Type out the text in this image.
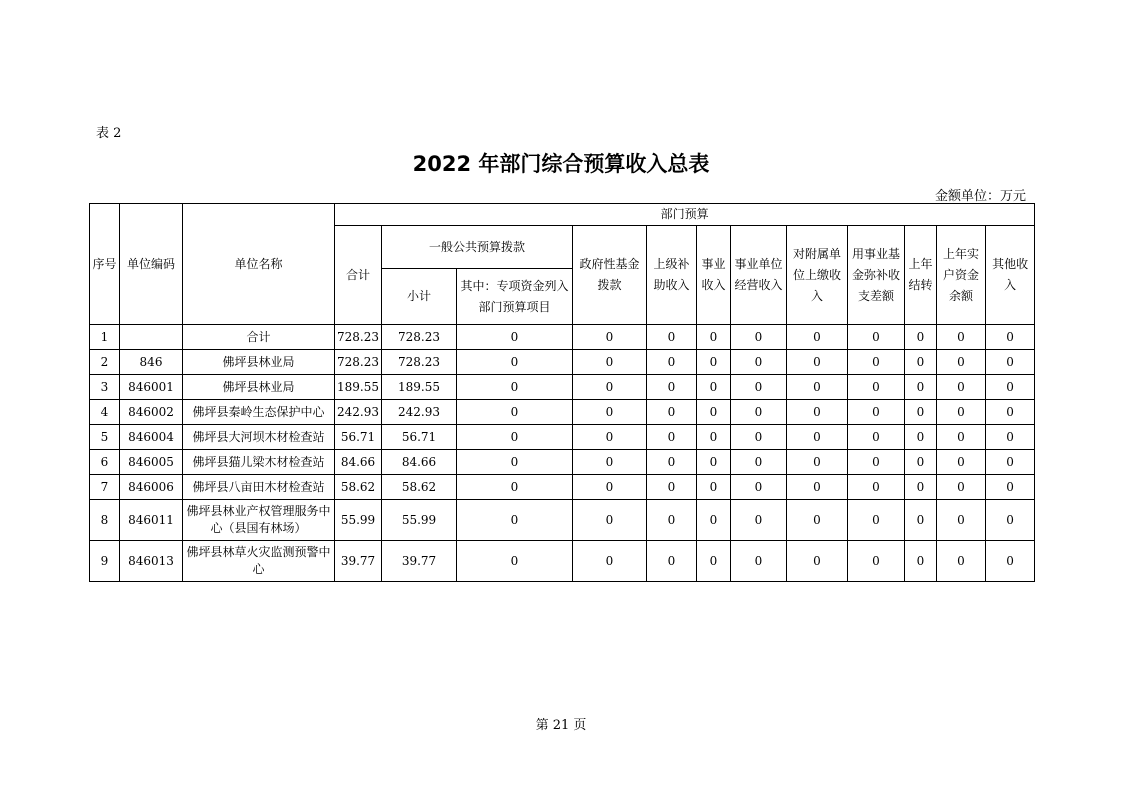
表 2
2022 年部门综合预算收入总表
金额单位：万元
序号	单位编码	单位名称	部门预算											
			合计	一般公共预算拨款		政府性基金拨款	上级补助收入	事业收入	事业单位经营收入	对附属单位上缴收入	用事业基金弥补收支差额	上年结转	上年实户资金余额	其他收入
				小计	其中：专项资金列入部门预算项目									
1		合计	728.23	728.23	0	0	0	0	0	0	0	0	0	0
2	846	佛坪县林业局	728.23	728.23	0	0	0	0	0	0	0	0	0	0
3	846001	佛坪县林业局	189.55	189.55	0	0	0	0	0	0	0	0	0	0
4	846002	佛坪县秦岭生态保护中心	242.93	242.93	0	0	0	0	0	0	0	0	0	0
5	846004	佛坪县大河坝木材检查站	56.71	56.71	0	0	0	0	0	0	0	0	0	0
6	846005	佛坪县猫儿梁木材检查站	84.66	84.66	0	0	0	0	0	0	0	0	0	0
7	846006	佛坪县八亩田木材检查站	58.62	58.62	0	0	0	0	0	0	0	0	0	0
8	846011	佛坪县林业产权管理服务中心（县国有林场）	55.99	55.99	0	0	0	0	0	0	0	0	0	0
9	846013	佛坪县林草火灾监测预警中心	39.77	39.77	0	0	0	0	0	0	0	0	0	0
第 21 页
